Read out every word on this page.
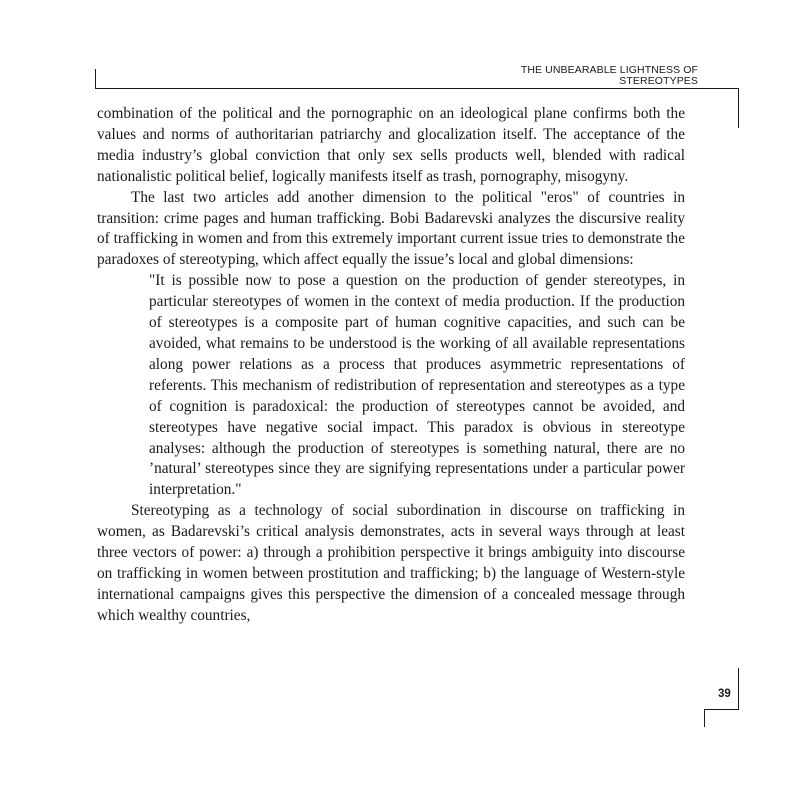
THE UNBEARABLE LIGHTNESS OF
STEREOTYPES

combination of the political and the pornographic on an ideological plane confirms both the values and norms of authoritarian patriarchy and glocalization itself. The acceptance of the media industry’s global conviction that only sex sells products well, blended with radical nationalistic political belief, logically manifests itself as trash, pornography, misogyny.

The last two articles add another dimension to the political "eros" of countries in transition: crime pages and human trafficking. Bobi Badarevski analyzes the discursive reality of trafficking in women and from this extremely important current issue tries to demonstrate the paradoxes of stereotyping, which affect equally the issue’s local and global dimensions:

"It is possible now to pose a question on the production of gender stereotypes, in particular stereotypes of women in the context of media production. If the production of stereotypes is a composite part of human cognitive capacities, and such can be avoided, what remains to be understood is the working of all available representations along power relations as a process that produces asymmetric representations of referents. This mechanism of redistribution of representation and stereotypes as a type of cognition is paradoxical: the production of stereotypes cannot be avoided, and stereotypes have negative social impact. This paradox is obvious in stereotype analyses: although the production of stereotypes is something natural, there are no ’natural’ stereotypes since they are signifying representations under a particular power interpretation."

Stereotyping as a technology of social subordination in discourse on trafficking in women, as Badarevski’s critical analysis demonstrates, acts in several ways through at least three vectors of power: a) through a prohibition perspective it brings ambiguity into discourse on trafficking in women between prostitution and trafficking; b) the language of Western-style international campaigns gives this perspective the dimension of a concealed message through which wealthy countries,

39
